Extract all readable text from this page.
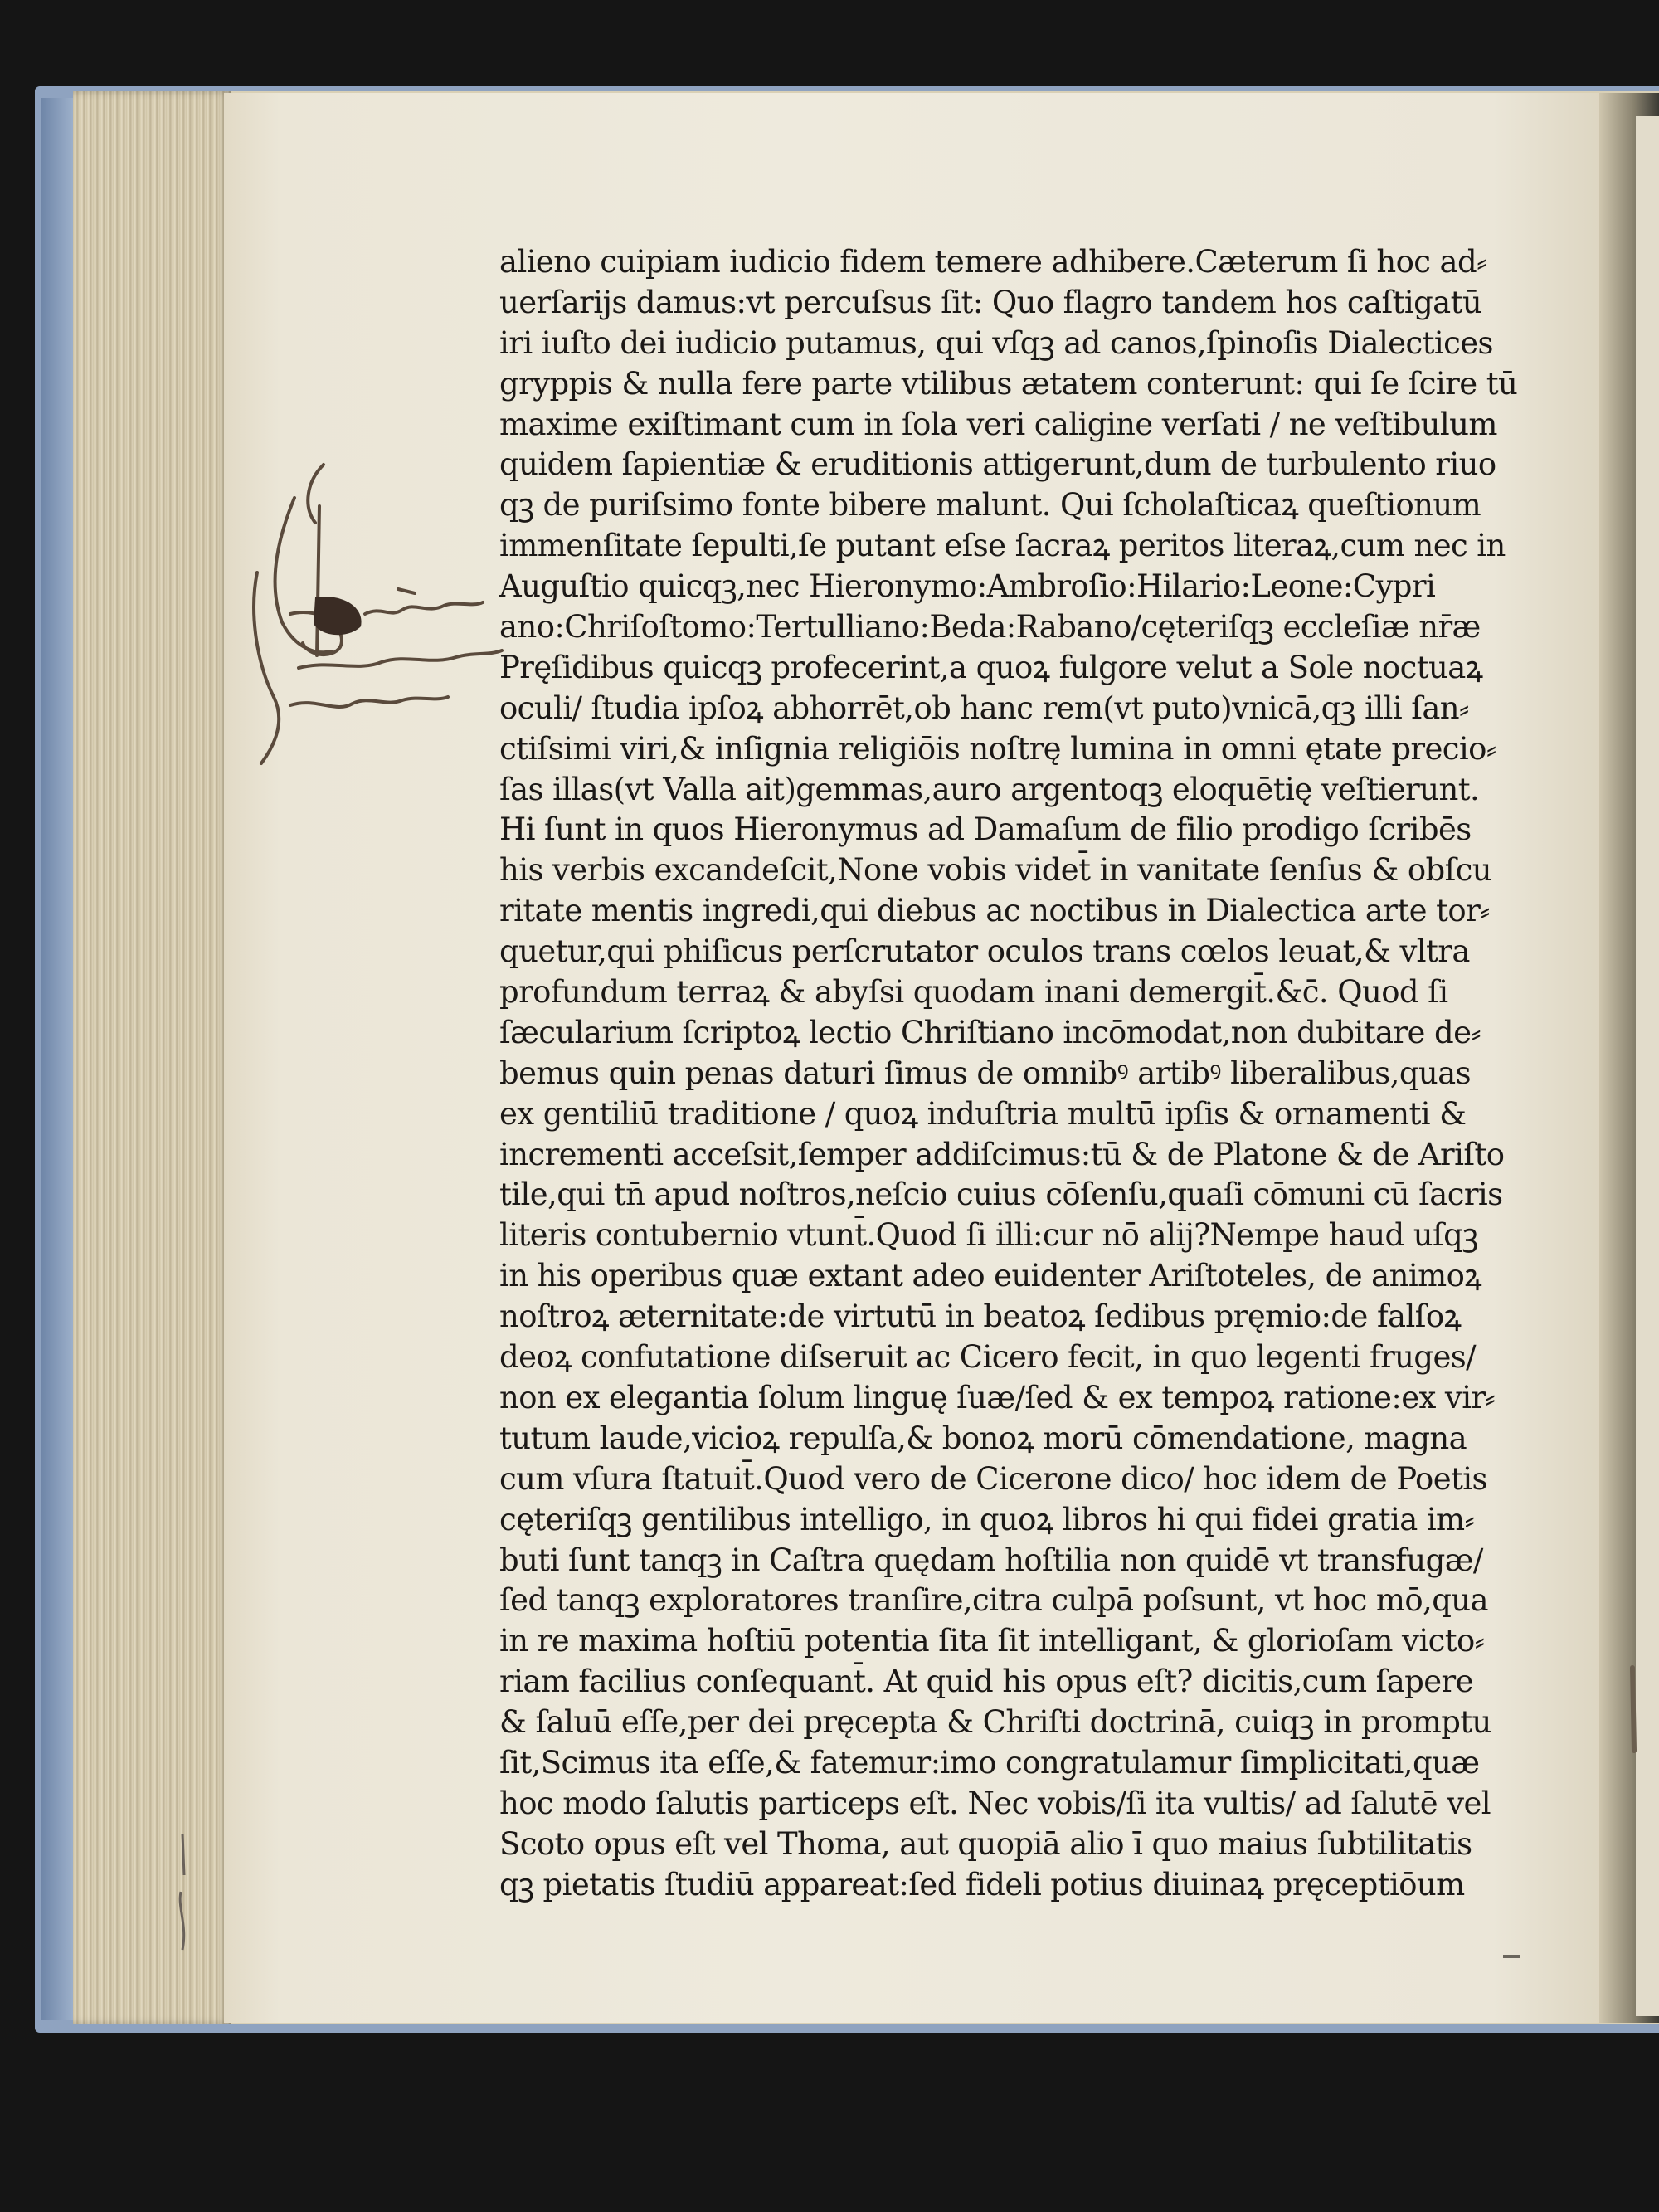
alieno cuipiam iudicio fidem temere adhibere.Cæterum ſi hoc ad⸗
uerſarijs damus:vt percuſsus ſit: Quo flagro tandem hos caſtigatū
iri iuſto dei iudicio putamus, qui vſqꝫ ad canos,ſpinoſis Dialectices
gryppis & nulla fere parte vtilibus ætatem conterunt: qui ſe ſcire tū
maxime exiſtimant cum in ſola veri caligine verſati / ne veſtibulum
quidem ſapientiæ & eruditionis attigerunt,dum de turbulento riuo
qꝫ de puriſsimo fonte bibere malunt. Qui ſcholaſticaꝝ queſtionum
immenſitate ſepulti,ſe putant eſse ſacraꝝ peritos literaꝝ,cum nec in
Auguſtio quicqꝫ,nec Hieronymo:Ambroſio:Hilario:Leone:Cypri
ano:Chriſoſtomo:Tertulliano:Beda:Rabano/cęteriſqꝫ eccleſiæ nr̄æ
Pręſidibus quicqꝫ profecerint,a quoꝝ fulgore velut a Sole noctuaꝝ
oculi/ ſtudia ipſoꝝ abhorrēt,ob hanc rem(vt puto)vnicā,qꝫ illi ſan⸗
ctiſsimi viri,& inſignia religiōis noſtrę lumina in omni ętate precio⸗
ſas illas(vt Valla ait)gemmas,auro argentoqꝫ eloquētię veſtierunt.
Hi ſunt in quos Hieronymus ad Damaſum de filio prodigo ſcribēs
his verbis excandeſcit,None vobis videt̄ in vanitate ſenſus & obſcu
ritate mentis ingredi,qui diebus ac noctibus in Dialectica arte tor⸗
quetur,qui phiſicus perſcrutator oculos trans cœlos leuat,& vltra
profundum terraꝝ & abyſsi quodam inani demergit̄.&c̄. Quod ſi
ſæcularium ſcriptoꝝ lectio Chriſtiano incōmodat,non dubitare de⸗
bemus quin penas daturi ſimus de omnibꝰ artibꝰ liberalibus,quas
ex gentiliū traditione / quoꝝ induſtria multū ipſis & ornamenti &
incrementi acceſsit,ſemper addiſcimus:tū & de Platone & de Ariſto
tile,qui tn̄ apud noſtros,neſcio cuius cōſenſu,quaſi cōmuni cū ſacris
literis contubernio vtunt̄.Quod ſi illi:cur nō alij?Nempe haud uſqꝫ
in his operibus quæ extant adeo euidenter Ariſtoteles, de animoꝝ
noſtroꝝ æternitate:de virtutū in beatoꝝ ſedibus pręmio:de falſoꝝ
deoꝝ confutatione diſseruit ac Cicero fecit, in quo legenti fruges/
non ex elegantia ſolum linguę ſuæ/ſed & ex tempoꝝ ratione:ex vir⸗
tutum laude,vicioꝝ repulſa,& bonoꝝ morū cōmendatione, magna
cum vſura ſtatuit̄.Quod vero de Cicerone dico/ hoc idem de Poetis
cęteriſqꝫ gentilibus intelligo, in quoꝝ libros hi qui fidei gratia im⸗
buti ſunt tanqꝫ in Caſtra quędam hoſtilia non quidē vt transfugæ/
ſed tanqꝫ exploratores tranſire,citra culpā poſsunt, vt hoc mō,qua
in re maxima hoſtiū potentia ſita ſit intelligant, & glorioſam victo⸗
riam facilius conſequant̄. At quid his opus eſt? dicitis,cum ſapere
& ſaluū eſſe,per dei pręcepta & Chriſti doctrinā, cuiqꝫ in promptu
ſit,Scimus ita eſſe,& fatemur:imo congratulamur ſimplicitati,quæ
hoc modo ſalutis particeps eſt. Nec vobis/ſi ita vultis/ ad ſalutē vel
Scoto opus eſt vel Thoma, aut quopiā alio ī quo maius ſubtilitatis
qꝫ pietatis ſtudiū appareat:ſed fideli potius diuinaꝝ pręceptiōum
